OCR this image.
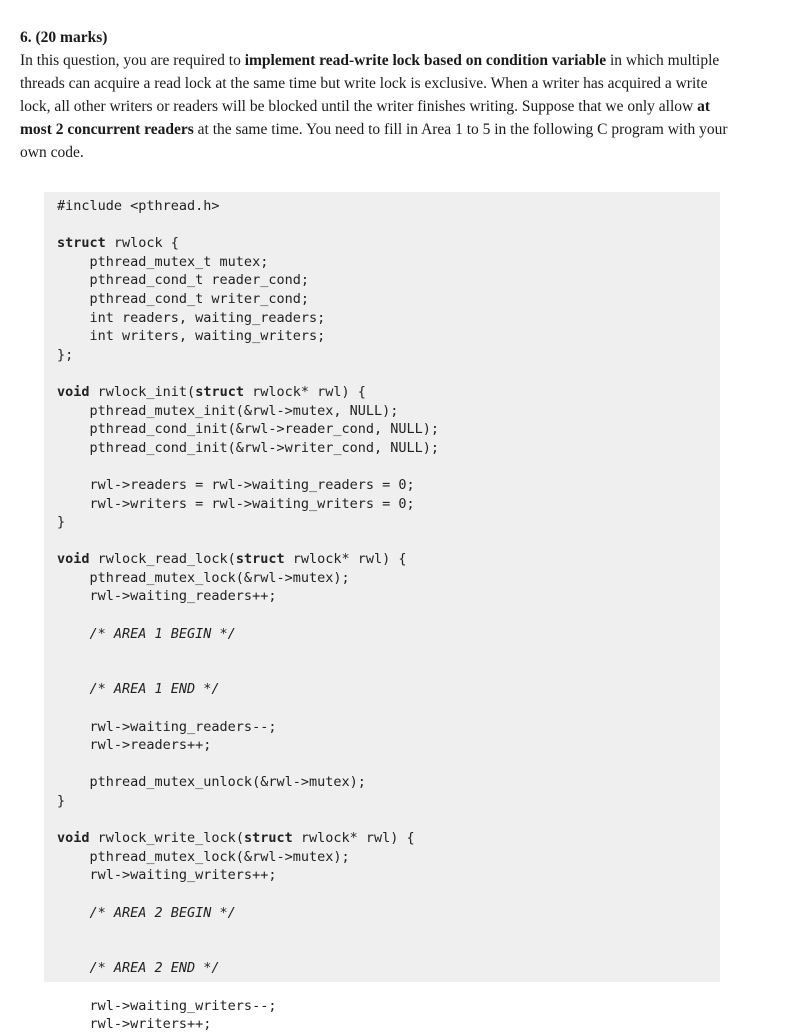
6. (20 marks)
In this question, you are required to implement read-write lock based on condition variable in which multiple threads can acquire a read lock at the same time but write lock is exclusive. When a writer has acquired a write lock, all other writers or readers will be blocked until the writer finishes writing. Suppose that we only allow at most 2 concurrent readers at the same time. You need to fill in Area 1 to 5 in the following C program with your own code.
#include <pthread.h>

struct rwlock {
pthread_mutex_t mutex;
pthread_cond_t reader_cond;
pthread_cond_t writer_cond;
int readers, waiting_readers;
int writers, waiting_writers;
};

void rwlock_init(struct rwlock* rwl) {
pthread_mutex_init(&rwl->mutex, NULL);
pthread_cond_init(&rwl->reader_cond, NULL);
pthread_cond_init(&rwl->writer_cond, NULL);

rwl->readers = rwl->waiting_readers = 0;
rwl->writers = rwl->waiting_writers = 0;
}

void rwlock_read_lock(struct rwlock* rwl) {
pthread_mutex_lock(&rwl->mutex);
rwl->waiting_readers++;

/* AREA 1 BEGIN */

/* AREA 1 END */

rwl->waiting_readers--;
rwl->readers++;

pthread_mutex_unlock(&rwl->mutex);
}

void rwlock_write_lock(struct rwlock* rwl) {
pthread_mutex_lock(&rwl->mutex);
rwl->waiting_writers++;

/* AREA 2 BEGIN */

/* AREA 2 END */

rwl->waiting_writers--;
rwl->writers++;
